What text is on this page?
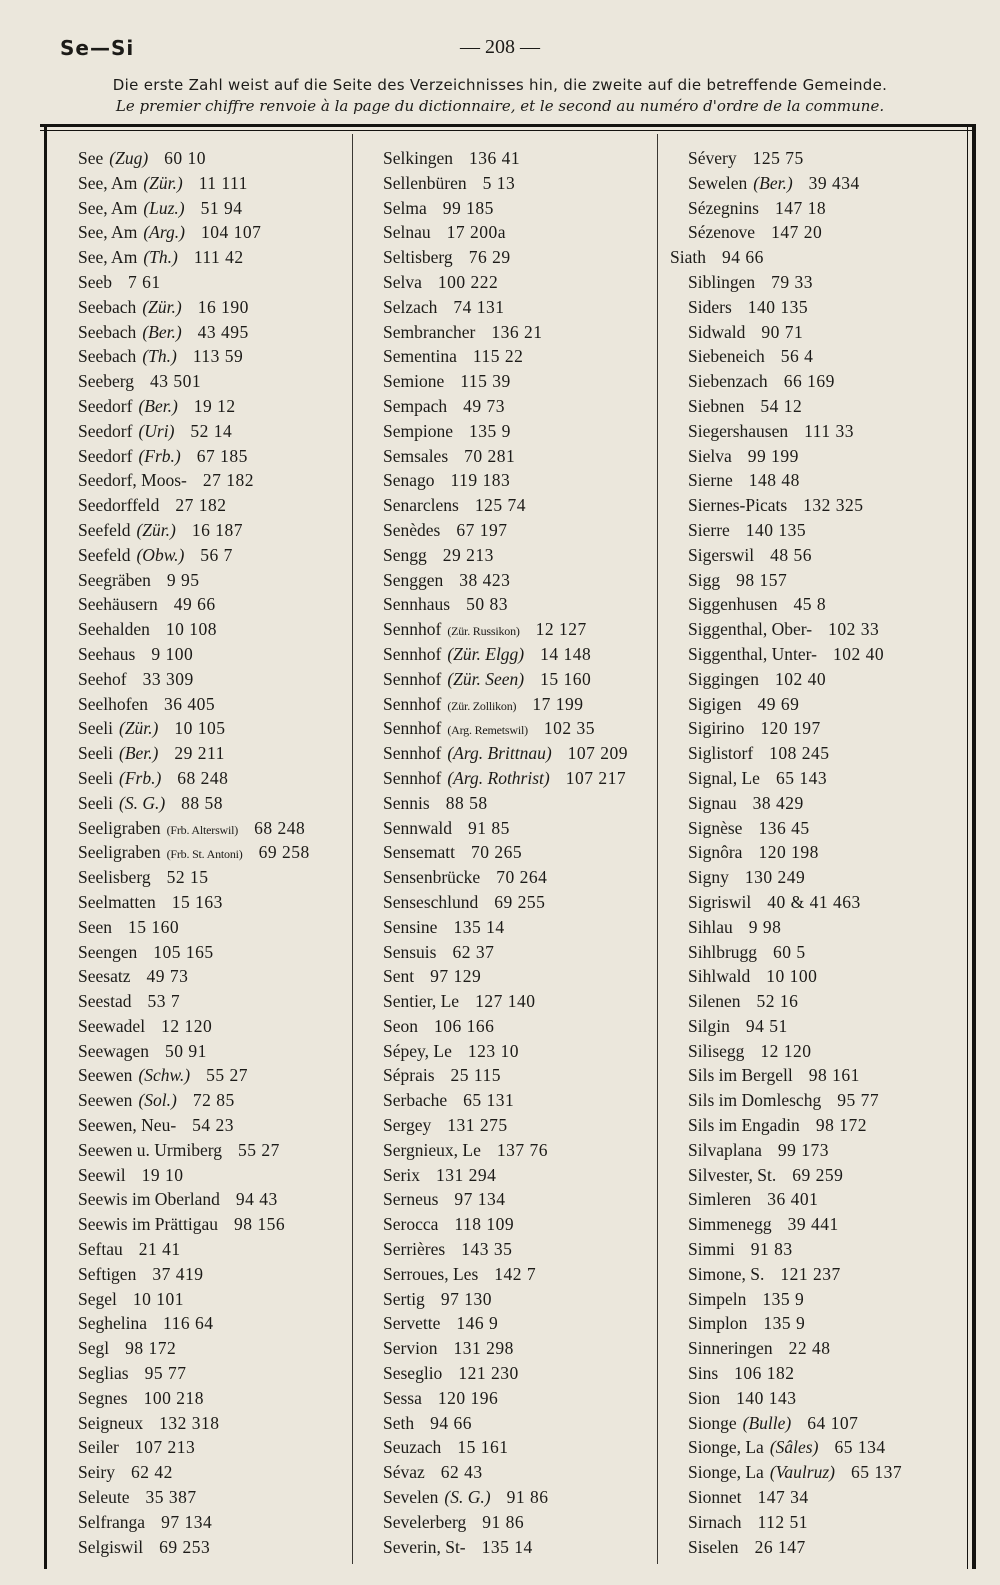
Se—Si	— 208 —
Die erste Zahl weist auf die Seite des Verzeichnisses hin, die zweite auf die betreffende Gemeinde.
Le premier chiffre renvoie à la page du dictionnaire, et le second au numéro d'ordre de la commune.
See (Zug) 60 10
See, Am (Zür.) 11 111
See, Am (Luz.) 51 94
See, Am (Arg.) 104 107
See, Am (Th.) 111 42
Seeb 7 61
Seebach (Zür.) 16 190
Seebach (Ber.) 43 495
Seebach (Th.) 113 59
Seeberg 43 501
Seedorf (Ber.) 19 12
Seedorf (Uri) 52 14
Seedorf (Frb.) 67 185
Seedorf, Moos- 27 182
Seedorffeld 27 182
Seefeld (Zür.) 16 187
Seefeld (Obw.) 56 7
Seegräben 9 95
Seehäusern 49 66
Seehalden 10 108
Seehaus 9 100
Seehof 33 309
Seelhofen 36 405
Seeli (Zür.) 10 105
Seeli (Ber.) 29 211
Seeli (Frb.) 68 248
Seeli (S. G.) 88 58
Seeligraben (Frb. Alterswil) 68 248
Seeligraben (Frb. St. Antoni) 69 258
Seelisberg 52 15
Seelmatten 15 163
Seen 15 160
Seengen 105 165
Seesatz 49 73
Seestad 53 7
Seewadel 12 120
Seewagen 50 91
Seewen (Schw.) 55 27
Seewen (Sol.) 72 85
Seewen, Neu- 54 23
Seewen u. Urmiberg 55 27
Seewil 19 10
Seewis im Oberland 94 43
Seewis im Prättigau 98 156
Seftau 21 41
Seftigen 37 419
Segel 10 101
Seghelina 116 64
Segl 98 172
Seglias 95 77
Segnes 100 218
Seigneux 132 318
Seiler 107 213
Seiry 62 42
Seleute 35 387
Selfranga 97 134
Selgiswil 69 253
Selkingen 136 41
Sellenbüren 5 13
Selma 99 185
Selnau 17 200a
Seltisberg 76 29
Selva 100 222
Selzach 74 131
Sembrancher 136 21
Sementina 115 22
Semione 115 39
Sempach 49 73
Sempione 135 9
Semsales 70 281
Senago 119 183
Senarclens 125 74
Senèdes 67 197
Sengg 29 213
Senggen 38 423
Sennhaus 50 83
Sennhof (Zür. Russikon) 12 127
Sennhof (Zür. Elgg) 14 148
Sennhof (Zür. Seen) 15 160
Sennhof (Zür. Zollikon) 17 199
Sennhof (Arg. Remetswil) 102 35
Sennhof (Arg. Brittnau) 107 209
Sennhof (Arg. Rothrist) 107 217
Sennis 88 58
Sennwald 91 85
Sensematt 70 265
Sensenbrücke 70 264
Senseschlund 69 255
Sensine 135 14
Sensuis 62 37
Sent 97 129
Sentier, Le 127 140
Seon 106 166
Sépey, Le 123 10
Séprais 25 115
Serbache 65 131
Sergey 131 275
Sergnieux, Le 137 76
Serix 131 294
Serneus 97 134
Serocca 118 109
Serrières 143 35
Serroues, Les 142 7
Sertig 97 130
Servette 146 9
Servion 131 298
Seseglio 121 230
Sessa 120 196
Seth 94 66
Seuzach 15 161
Sévaz 62 43
Sevelen (S. G.) 91 86
Sevelerberg 91 86
Severin, St- 135 14
Sévery 125 75
Sewelen (Ber.) 39 434
Sézegnins 147 18
Sézenove 147 20
Siath 94 66
Siblingen 79 33
Siders 140 135
Sidwald 90 71
Siebeneich 56 4
Siebenzach 66 169
Siebnen 54 12
Siegershausen 111 33
Sielva 99 199
Sierne 148 48
Siernes-Picats 132 325
Sierre 140 135
Sigerswil 48 56
Sigg 98 157
Siggenhusen 45 8
Siggenthal, Ober- 102 33
Siggenthal, Unter- 102 40
Siggingen 102 40
Sigigen 49 69
Sigirino 120 197
Siglistorf 108 245
Signal, Le 65 143
Signau 38 429
Signèse 136 45
Signôra 120 198
Signy 130 249
Sigriswil 40 & 41 463
Sihlau 9 98
Sihlbrugg 60 5
Sihlwald 10 100
Silenen 52 16
Silgin 94 51
Silisegg 12 120
Sils im Bergell 98 161
Sils im Domleschg 95 77
Sils im Engadin 98 172
Silvaplana 99 173
Silvester, St. 69 259
Simleren 36 401
Simmenegg 39 441
Simmi 91 83
Simone, S. 121 237
Simpeln 135 9
Simplon 135 9
Sinneringen 22 48
Sins 106 182
Sion 140 143
Sionge (Bulle) 64 107
Sionge, La (Sâles) 65 134
Sionge, La (Vaulruz) 65 137
Sionnet 147 34
Sirnach 112 51
Siselen 26 147
